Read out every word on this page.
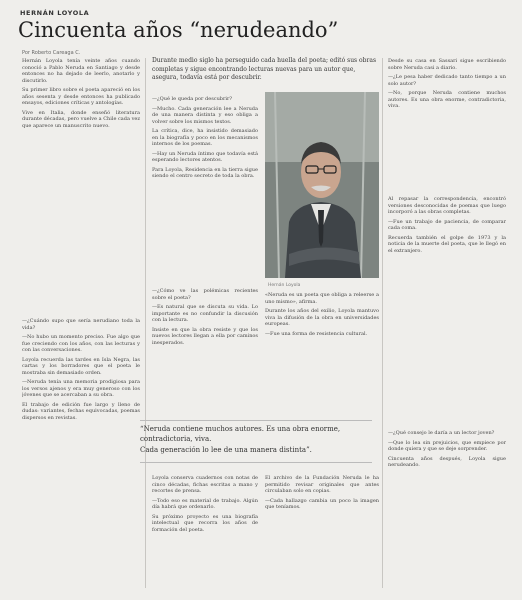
HERNÁN LOYOLA
Cincuenta años “nerudeando”
Por Roberto Careaga C.
Durante medio siglo ha perseguido cada huella del poeta; editó sus obras completas y sigue encontrando lecturas nuevas para un autor que, asegura, todavía está por descubrir.

Hernán Loyola tenía veinte años cuando conoció a Pablo Neruda en Santiago y desde entonces no ha dejado de leerlo, anotarlo y discutirlo.

Su primer libro sobre el poeta apareció en los años sesenta y desde entonces ha publicado ensayos, ediciones críticas y antologías.

Vive en Italia, donde enseñó literatura durante décadas, pero vuelve a Chile cada vez que aparece un manuscrito nuevo.

—¿Cuándo supo que sería nerudiano toda la vida?

—No hubo un momento preciso. Fue algo que fue creciendo con los años, con las lecturas y con las conversaciones.

Loyola recuerda las tardes en Isla Negra, las cartas y los borradores que el poeta le mostraba sin demasiado orden.

—Neruda tenía una memoria prodigiosa para los versos ajenos y era muy generoso con los jóvenes que se acercaban a su obra.

El trabajo de edición fue largo y lleno de dudas: variantes, fechas equivocadas, poemas dispersos en revistas.

—¿Qué le queda por descubrir?

—Mucho. Cada generación lee a Neruda de una manera distinta y eso obliga a volver sobre los mismos textos.

La crítica, dice, ha insistido demasiado en la biografía y poco en los mecanismos internos de los poemas.

—Hay un Neruda íntimo que todavía está esperando lectores atentos.

Para Loyola, Residencia en la tierra sigue siendo el centro secreto de toda la obra.

—¿Cómo ve las polémicas recientes sobre el poeta?

—Es natural que se discuta su vida. Lo importante es no confundir la discusión con la lectura.

Insiste en que la obra resiste y que los nuevos lectores llegan a ella por caminos inesperados.

Hernán Loyola

Desde su casa en Sassari sigue escribiendo sobre Neruda casi a diario.

—¿Le pesa haber dedicado tanto tiempo a un solo autor?

—No, porque Neruda contiene muchos autores. Es una obra enorme, contradictoria, viva.

Al repasar la correspondencia, encontró versiones desconocidas de poemas que luego incorporó a las obras completas.

—Fue un trabajo de paciencia, de comparar cada coma.

Recuerda también el golpe de 1973 y la noticia de la muerte del poeta, que le llegó en el extranjero.

«Neruda es un poeta que obliga a releerse a uno mismo», afirma.

Durante los años del exilio, Loyola mantuvo viva la difusión de la obra en universidades europeas.

—Fue una forma de resistencia cultural.

“Neruda contiene muchos autores. Es una obra enorme, contradictoria, viva.

Cada generación lo lee de una manera distinta”.

Loyola conserva cuadernos con notas de cinco décadas, fichas escritas a mano y recortes de prensa.

—Todo eso es material de trabajo. Algún día habrá que ordenarlo.

Su próximo proyecto es una biografía intelectual que recorra los años de formación del poeta.

El archivo de la Fundación Neruda le ha permitido revisar originales que antes circulaban solo en copias.

—Cada hallazgo cambia un poco la imagen que teníamos.

—¿Qué consejo le daría a un lector joven?

—Que lo lea sin prejuicios, que empiece por donde quiera y que se deje sorprender.

Cincuenta años después, Loyola sigue nerudeando.
